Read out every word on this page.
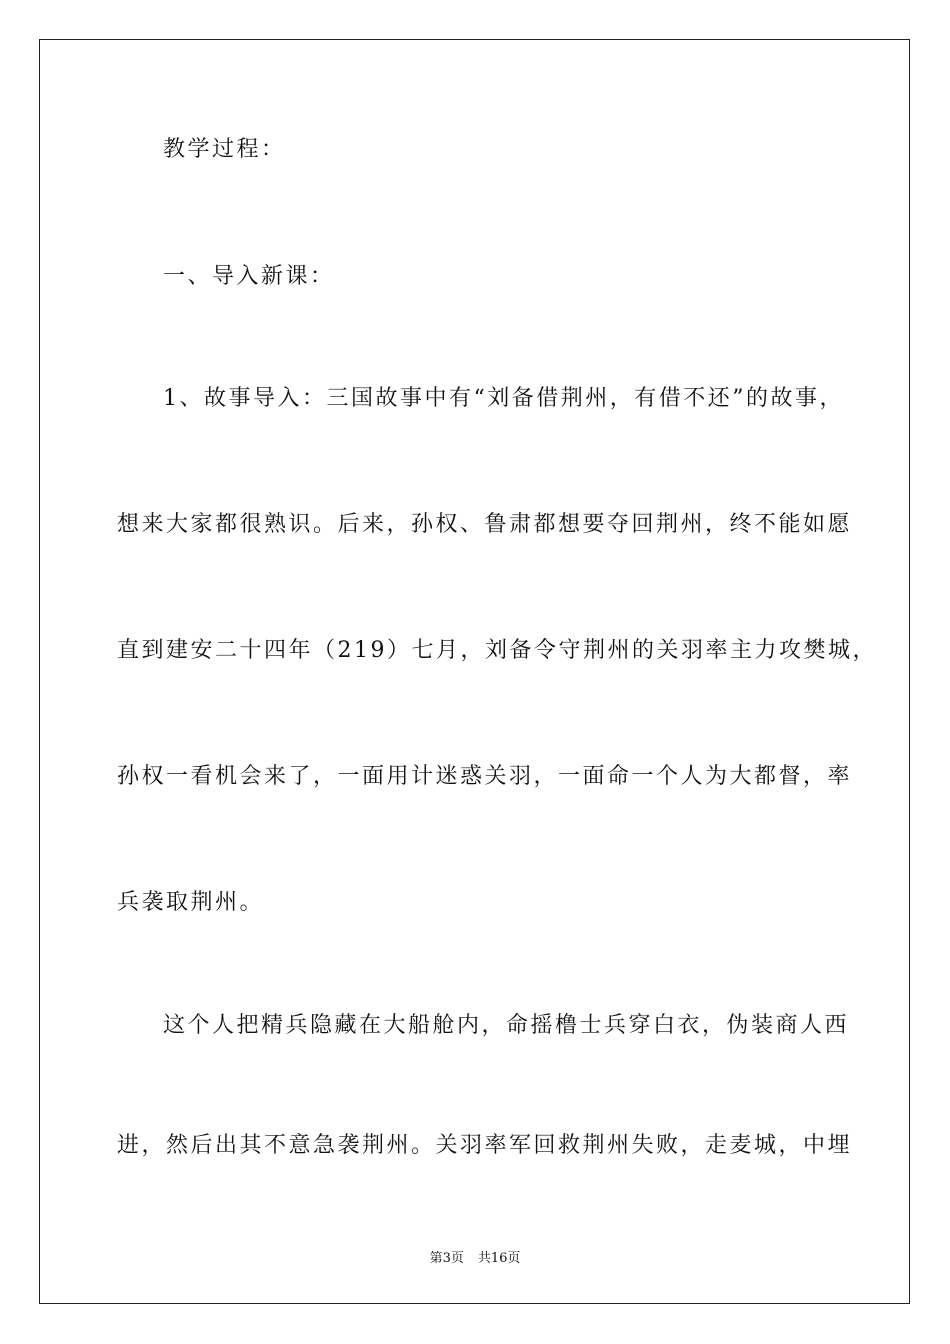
教学过程：
一、导入新课：
1、故事导入：三国故事中有“刘备借荆州，有借不还”的故事，
想来大家都很熟识。后来，孙权、鲁肃都想要夺回荆州，终不能如愿
直到建安二十四年（219）七月，刘备令守荆州的关羽率主力攻樊城，
孙权一看机会来了，一面用计迷惑关羽，一面命一个人为大都督，率
兵袭取荆州。
这个人把精兵隐藏在大船舱内，命摇橹士兵穿白衣，伪装商人西
进，然后出其不意急袭荆州。关羽率军回救荆州失败，走麦城，中埋
第3页 共16页
